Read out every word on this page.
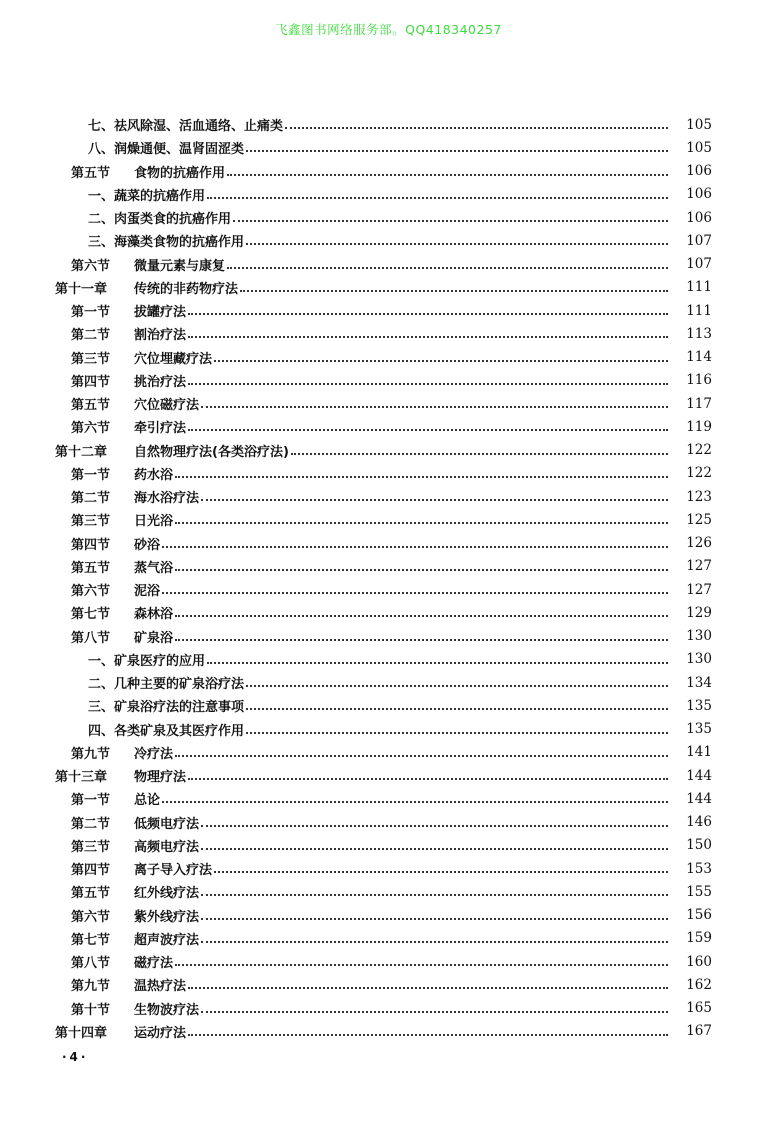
飞鑫图书网络服务部。QQ418340257
七、祛风除湿、活血通络、止痛类	105
八、润燥通便、温肾固涩类	105
第五节	食物的抗癌作用	106
一、蔬菜的抗癌作用	106
二、肉蛋类食的抗癌作用	106
三、海藻类食物的抗癌作用	107
第六节	微量元素与康复	107
第十一章	传统的非药物疗法	111
第一节	拔罐疗法	111
第二节	割治疗法	113
第三节	穴位埋藏疗法	114
第四节	挑治疗法	116
第五节	穴位磁疗法	117
第六节	牵引疗法	119
第十二章	自然物理疗法(各类浴疗法)	122
第一节	药水浴	122
第二节	海水浴疗法	123
第三节	日光浴	125
第四节	砂浴	126
第五节	蒸气浴	127
第六节	泥浴	127
第七节	森林浴	129
第八节	矿泉浴	130
一、矿泉医疗的应用	130
二、几种主要的矿泉浴疗法	134
三、矿泉浴疗法的注意事项	135
四、各类矿泉及其医疗作用	135
第九节	冷疗法	141
第十三章	物理疗法	144
第一节	总论	144
第二节	低频电疗法	146
第三节	高频电疗法	150
第四节	离子导入疗法	153
第五节	红外线疗法	155
第六节	紫外线疗法	156
第七节	超声波疗法	159
第八节	磁疗法	160
第九节	温热疗法	162
第十节	生物波疗法	165
第十四章	运动疗法	167
·4·
